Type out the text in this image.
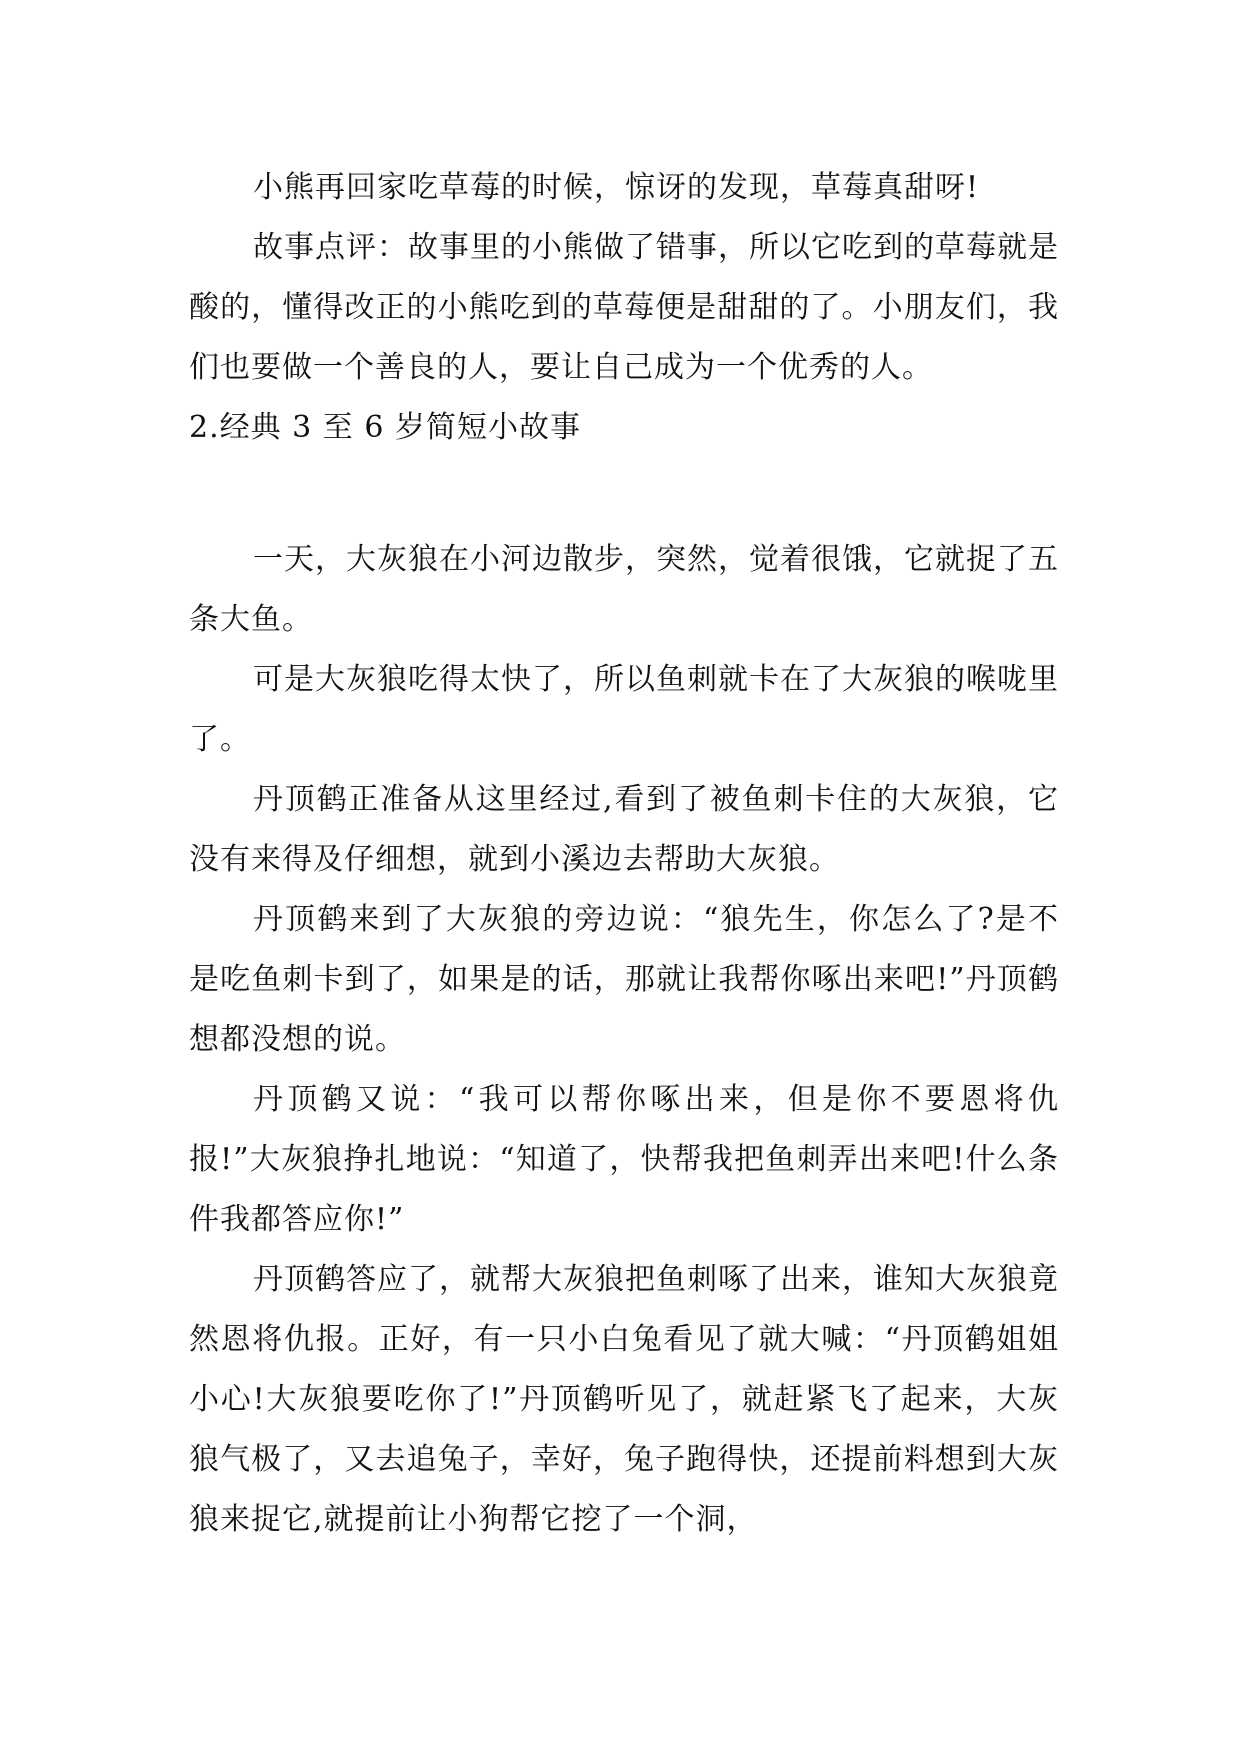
小熊再回家吃草莓的时候，惊讶的发现，草莓真甜呀!

故事点评：故事里的小熊做了错事，所以它吃到的草莓就是酸的，懂得改正的小熊吃到的草莓便是甜甜的了。小朋友们，我们也要做一个善良的人，要让自己成为一个优秀的人。

2.经典 3 至 6 岁简短小故事

一天，大灰狼在小河边散步，突然，觉着很饿，它就捉了五条大鱼。

可是大灰狼吃得太快了，所以鱼刺就卡在了大灰狼的喉咙里了。

丹顶鹤正准备从这里经过,看到了被鱼刺卡住的大灰狼，它没有来得及仔细想，就到小溪边去帮助大灰狼。

丹顶鹤来到了大灰狼的旁边说：“狼先生，你怎么了?是不是吃鱼刺卡到了，如果是的话，那就让我帮你啄出来吧!”丹顶鹤想都没想的说。

丹顶鹤又说：“我可以帮你啄出来，但是你不要恩将仇报!”大灰狼挣扎地说：“知道了，快帮我把鱼刺弄出来吧!什么条件我都答应你!”

丹顶鹤答应了，就帮大灰狼把鱼刺啄了出来，谁知大灰狼竟然恩将仇报。正好，有一只小白兔看见了就大喊：“丹顶鹤姐姐小心!大灰狼要吃你了!”丹顶鹤听见了，就赶紧飞了起来，大灰狼气极了，又去追兔子，幸好，兔子跑得快，还提前料想到大灰狼来捉它,就提前让小狗帮它挖了一个洞，
